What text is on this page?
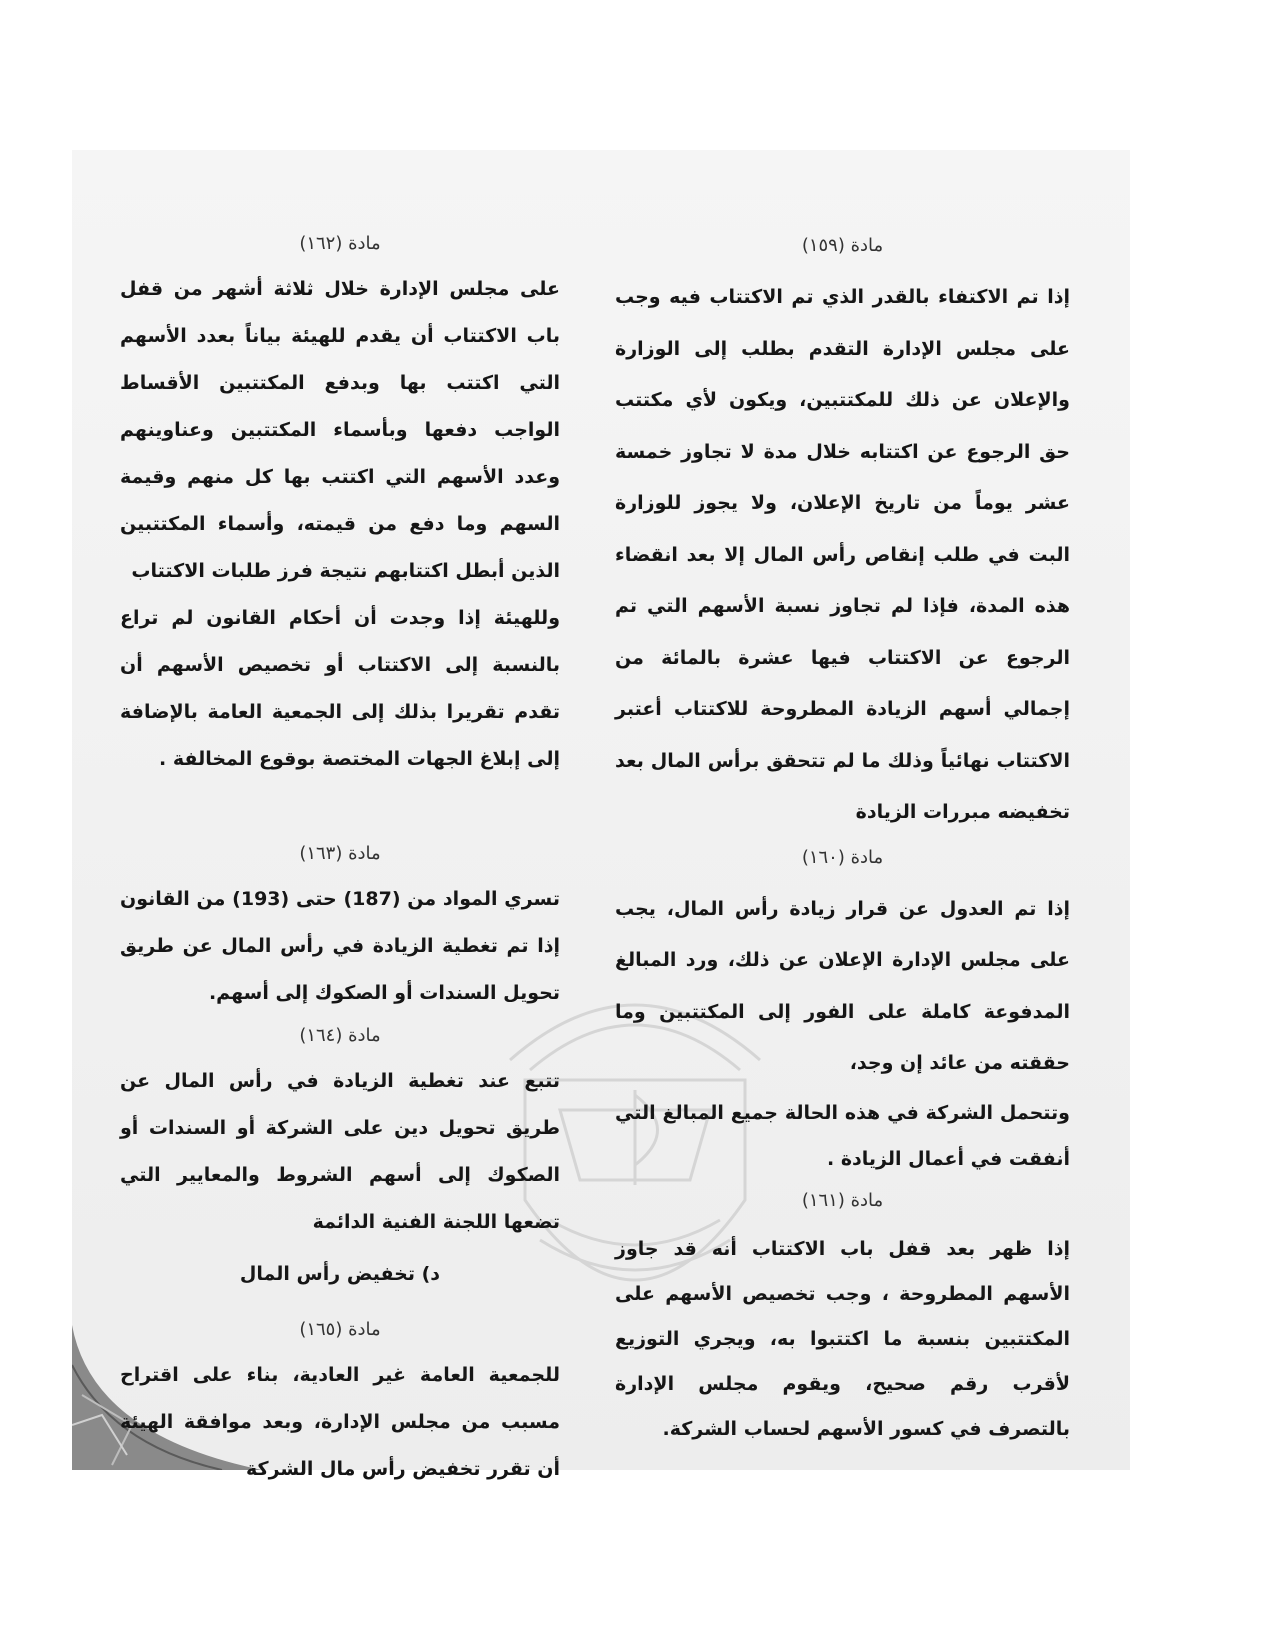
مادة (١٥٩)

إذا تم الاكتفاء بالقدر الذي تم الاكتتاب فيه وجب على مجلس الإدارة التقدم بطلب إلى الوزارة والإعلان عن ذلك للمكتتبين، ويكون لأي مكتتب حق الرجوع عن اكتتابه خلال مدة لا تجاوز خمسة عشر يوماً من تاريخ الإعلان، ولا يجوز للوزارة البت في طلب إنقاص رأس المال إلا بعد انقضاء هذه المدة، فإذا لم تجاوز نسبة الأسهم التي تم الرجوع عن الاكتتاب فيها عشرة بالمائة من إجمالي أسهم الزيادة المطروحة للاكتتاب أعتبر الاكتتاب نهائياً وذلك ما لم تتحقق برأس المال بعد تخفيضه مبررات الزيادة

مادة (١٦٠)

إذا تم العدول عن قرار زيادة رأس المال، يجب على مجلس الإدارة الإعلان عن ذلك، ورد المبالغ المدفوعة كاملة على الفور إلى المكتتبين وما حققته من عائد إن وجد،

وتتحمل الشركة في هذه الحالة جميع المبالغ التي أنفقت في أعمال الزيادة .

مادة (١٦١)

إذا ظهر بعد قفل باب الاكتتاب أنه قد جاوز الأسهم المطروحة ، وجب تخصيص الأسهم على المكتتبين بنسبة ما اكتتبوا به، ويجري التوزيع لأقرب رقم صحيح، ويقوم مجلس الإدارة بالتصرف في كسور الأسهم لحساب الشركة.

مادة (١٦٢)

على مجلس الإدارة خلال ثلاثة أشهر من قفل باب الاكتتاب أن يقدم للهيئة بياناً بعدد الأسهم التي اكتتب بها وبدفع المكتتبين الأقساط الواجب دفعها وبأسماء المكتتبين وعناوينهم وعدد الأسهم التي اكتتب بها كل منهم وقيمة السهم وما دفع من قيمته، وأسماء المكتتبين الذين أبطل اكتتابهم نتيجة فرز طلبات الاكتتاب

وللهيئة إذا وجدت أن أحكام القانون لم تراع بالنسبة إلى الاكتتاب أو تخصيص الأسهم أن تقدم تقريرا بذلك إلى الجمعية العامة بالإضافة إلى إبلاغ الجهات المختصة بوقوع المخالفة .

مادة (١٦٣)

تسري المواد من (187) حتى (193) من القانون إذا تم تغطية الزيادة في رأس المال عن طريق تحويل السندات أو الصكوك إلى أسهم.

مادة (١٦٤)

تتبع عند تغطية الزيادة في رأس المال عن طريق تحويل دين على الشركة أو السندات أو الصكوك إلى أسهم الشروط والمعايير التي تضعها اللجنة الفنية الدائمة

د) تخفيض رأس المال
مادة (١٦٥)

للجمعية العامة غير العادية، بناء على اقتراح مسبب من مجلس الإدارة، وبعد موافقة الهيئة أن تقرر تخفيض رأس مال الشركة
